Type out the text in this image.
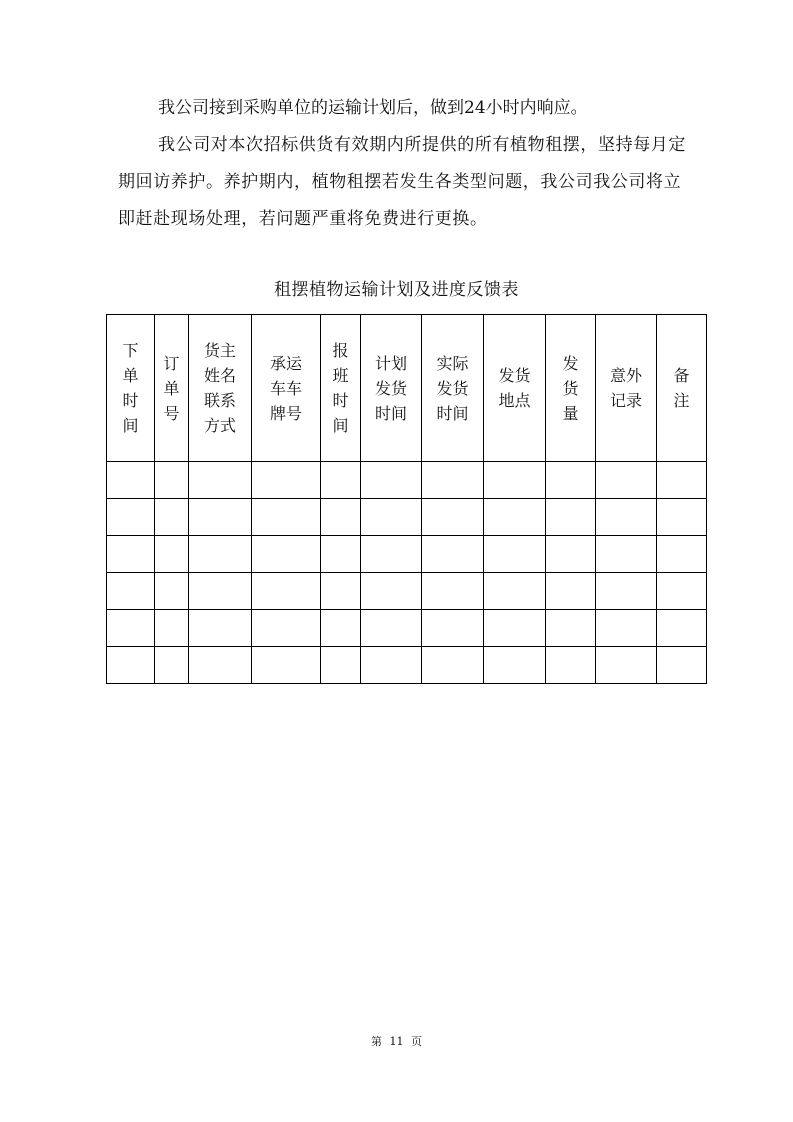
我公司接到采购单位的运输计划后，做到24小时内响应。

我公司对本次招标供货有效期内所提供的所有植物租摆，坚持每月定期回访养护。养护期内，植物租摆若发生各类型问题，我公司我公司将立即赶赴现场处理，若问题严重将免费进行更换。

租摆植物运输计划及进度反馈表
下
单
时
间	订
单
号	货主
姓名
联系
方式	承运
车车
牌号	报
班
时
间	计划
发货
时间	实际
发货
时间	发货
地点	发
货
量	意外
记录	备
注

第 11 页
